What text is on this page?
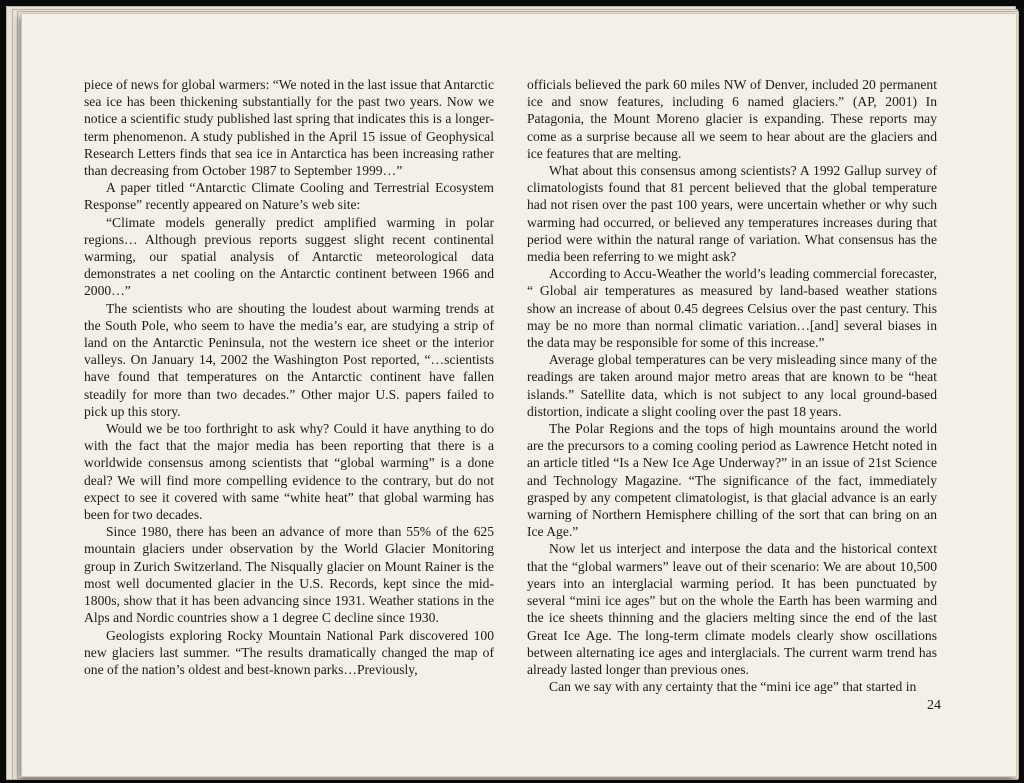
piece of news for global warmers: “We noted in the last issue that Antarctic sea ice has been thickening substantially for the past two years. Now we notice a scientific study published last spring that indicates this is a longer-term phenomenon. A study published in the April 15 issue of Geophysical Research Letters finds that sea ice in Antarctica has been increasing rather than decreasing from October 1987 to September 1999…”

A paper titled “Antarctic Climate Cooling and Terrestrial Ecosystem Response” recently appeared on Nature’s web site:

“Climate models generally predict amplified warming in polar regions… Although previous reports suggest slight recent continental warming, our spatial analysis of Antarctic meteorological data demonstrates a net cooling on the Antarctic continent between 1966 and 2000…”

The scientists who are shouting the loudest about warming trends at the South Pole, who seem to have the media’s ear, are studying a strip of land on the Antarctic Peninsula, not the western ice sheet or the interior valleys. On January 14, 2002 the Washington Post reported, “…scientists have found that temperatures on the Antarctic continent have fallen steadily for more than two decades.” Other major U.S. papers failed to pick up this story.

Would we be too forthright to ask why? Could it have anything to do with the fact that the major media has been reporting that there is a worldwide consensus among scientists that “global warming” is a done deal? We will find more compelling evidence to the contrary, but do not expect to see it covered with same “white heat” that global warming has been for two decades.

Since 1980, there has been an advance of more than 55% of the 625 mountain glaciers under observation by the World Glacier Monitoring group in Zurich Switzerland. The Nisqually glacier on Mount Rainer is the most well documented glacier in the U.S. Records, kept since the mid-1800s, show that it has been advancing since 1931. Weather stations in the Alps and Nordic countries show a 1 degree C decline since 1930.

Geologists exploring Rocky Mountain National Park discovered 100 new glaciers last summer. “The results dramatically changed the map of one of the nation’s oldest and best-known parks…Previously,

officials believed the park 60 miles NW of Denver, included 20 permanent ice and snow features, including 6 named glaciers.” (AP, 2001) In Patagonia, the Mount Moreno glacier is expanding. These reports may come as a surprise because all we seem to hear about are the glaciers and ice features that are melting.

What about this consensus among scientists? A 1992 Gallup survey of climatologists found that 81 percent believed that the global temperature had not risen over the past 100 years, were uncertain whether or why such warming had occurred, or believed any temperatures increases during that period were within the natural range of variation. What consensus has the media been referring to we might ask?

According to Accu-Weather the world’s leading commercial forecaster, “ Global air temperatures as measured by land-based weather stations show an increase of about 0.45 degrees Celsius over the past century. This may be no more than normal climatic variation…[and] several biases in the data may be responsible for some of this increase.”

Average global temperatures can be very misleading since many of the readings are taken around major metro areas that are known to be “heat islands.” Satellite data, which is not subject to any local ground-based distortion, indicate a slight cooling over the past 18 years.

The Polar Regions and the tops of high mountains around the world are the precursors to a coming cooling period as Lawrence Hetcht noted in an article titled “Is a New Ice Age Underway?” in an issue of 21st Science and Technology Magazine. “The significance of the fact, immediately grasped by any competent climatologist, is that glacial advance is an early warning of Northern Hemisphere chilling of the sort that can bring on an Ice Age.”

Now let us interject and interpose the data and the historical context that the “global warmers” leave out of their scenario: We are about 10,500 years into an interglacial warming period. It has been punctuated by several “mini ice ages” but on the whole the Earth has been warming and the ice sheets thinning and the glaciers melting since the end of the last Great Ice Age. The long-term climate models clearly show oscillations between alternating ice ages and interglacials. The current warm trend has already lasted longer than previous ones.

Can we say with any certainty that the “mini ice age” that started in

24
